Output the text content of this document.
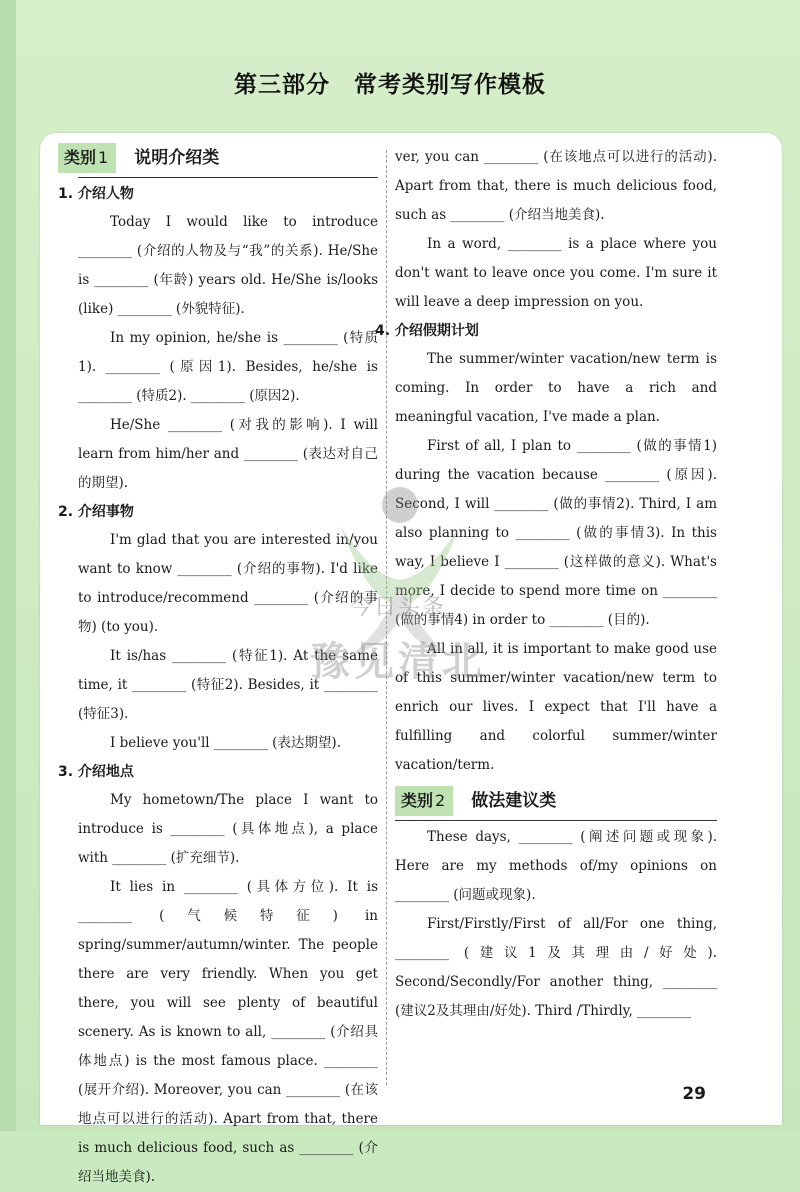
第三部分　常考类别写作模板
类别 1	说明介绍类
1. 介绍人物

Today I would like to introduce ________ (介绍的人物及与“我”的关系). He/She is ________ (年龄) years old. He/She is/looks (like) ________ (外貌特征).

In my opinion, he/she is ________ (特质1). ________ (原因1). Besides, he/she is ________ (特质2). ________ (原因2).

He/She ________ (对我的影响). I will learn from him/her and ________ (表达对自己的期望).

2. 介绍事物

I'm glad that you are interested in/you want to know ________ (介绍的事物). I'd like to introduce/recommend ________ (介绍的事物) (to you).

It is/has ________ (特征1). At the same time, it ________ (特征2). Besides, it ________ (特征3).

I believe you'll ________ (表达期望).

3. 介绍地点

My hometown/The place I want to introduce is ________ (具体地点), a place with ________ (扩充细节).

It lies in ________ (具体方位). It is ________ (气候特征) in spring/summer/autumn/winter. The people there are very friendly. When you get there, you will see plenty of beautiful scenery. As is known to all, ________ (介绍具体地点) is the most famous place. ________ (展开介绍). Moreover, you can ________ (在该地点可以进行的活动). Apart from that, there is much delicious food, such as ________ (介绍当地美食).

ver, you can ________ (在该地点可以进行的活动). Apart from that, there is much delicious food, such as ________ (介绍当地美食).

In a word, ________ is a place where you don't want to leave once you come. I'm sure it will leave a deep impression on you.

4. 介绍假期计划

The summer/winter vacation/new term is coming. In order to have a rich and meaningful vacation, I've made a plan.

First of all, I plan to ________ (做的事情1) during the vacation because ________ (原因). Second, I will ________ (做的事情2). Third, I am also planning to ________ (做的事情3). In this way, I believe I ________ (这样做的意义). What's more, I decide to spend more time on ________ (做的事情4) in order to ________ (目的).

All in all, it is important to make good use of this summer/winter vacation/new term to enrich our lives. I expect that I'll have a fulfilling and colorful summer/winter vacation/term.

类别 2	做法建议类

These days, ________ (阐述问题或现象). Here are my methods of/my opinions on ________ (问题或现象).

First/Firstly/First of all/For one thing, ________ (建议1及其理由/好处). Second/Secondly/For another thing, ________ (建议2及其理由/好处). Third /Thirdly, ________

今日头条
豫见清北
29
